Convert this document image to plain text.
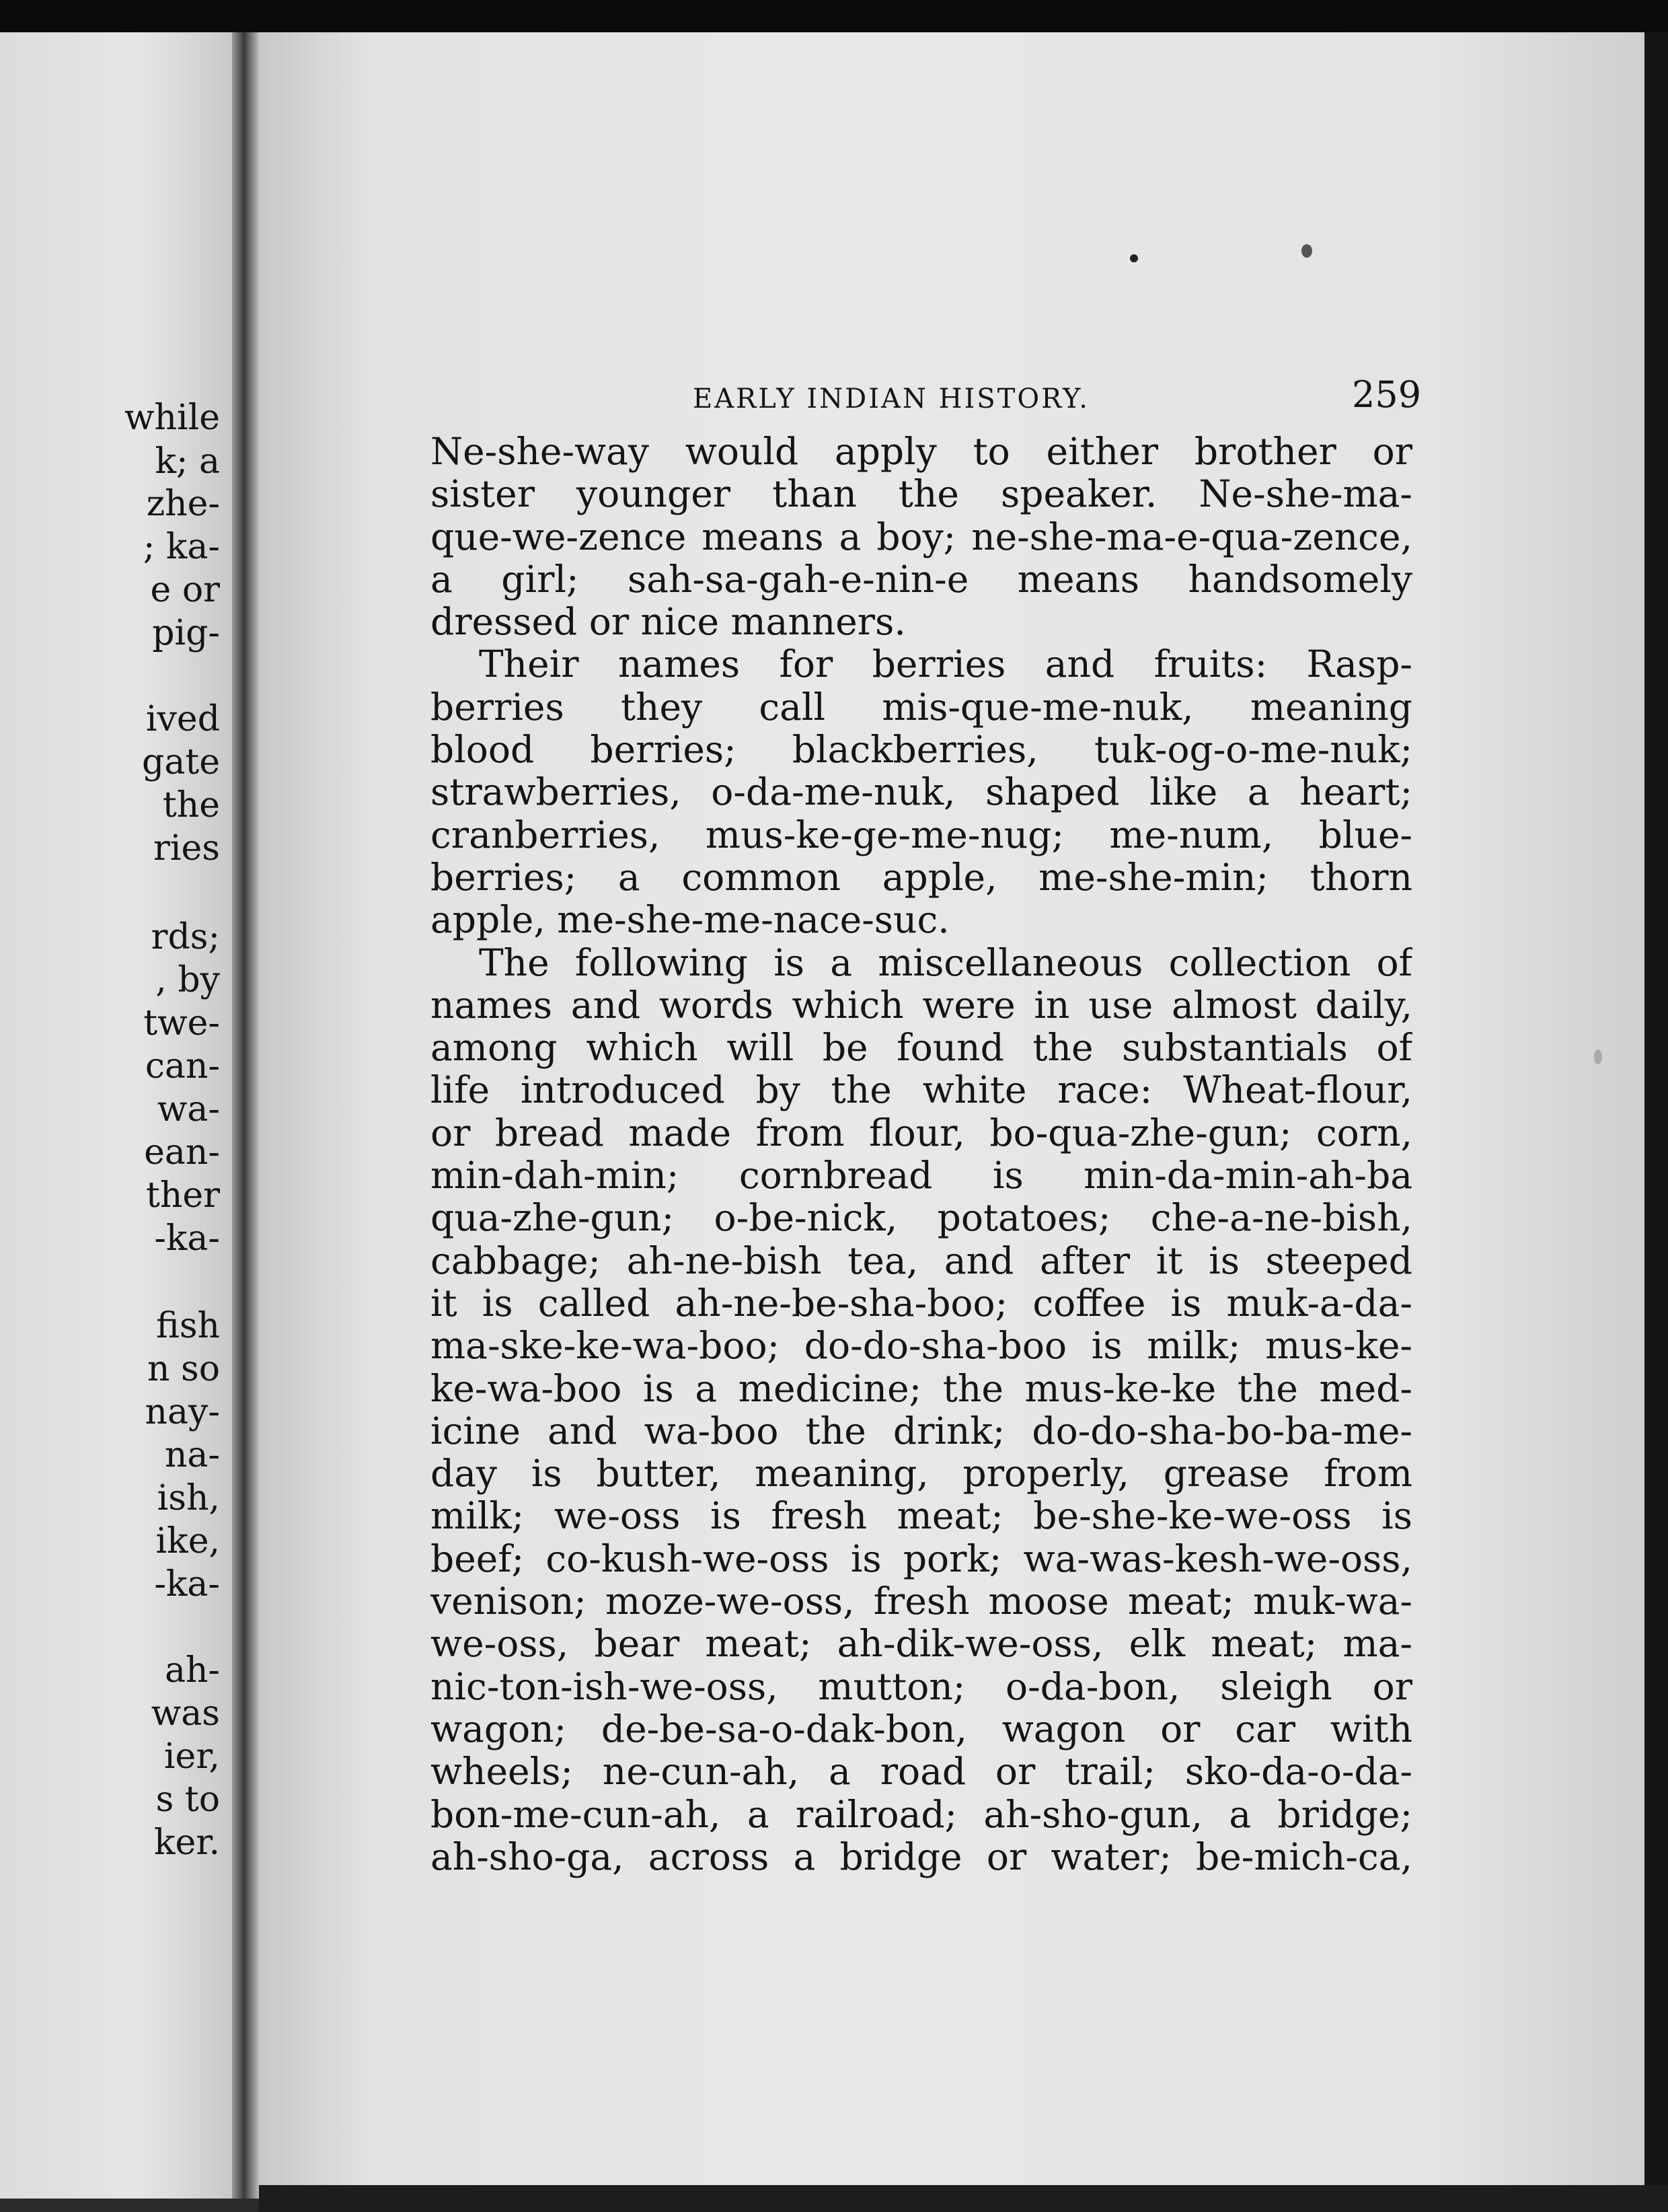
while
k; a
zhe-
; ka-
e or
pig-
ived
gate
the
ries
rds;
, by
twe-
can-
wa-
ean-
ther
-ka-
fish
n so
nay-
na-
ish,
ike,
-ka-
ah-
was
ier,
s to
ker.
EARLY INDIAN HISTORY.	259
Ne-she-way would apply to either brother or
sister younger than the speaker. Ne-she-ma-
que-we-zence means a boy; ne-she-ma-e-qua-zence,
a girl; sah-sa-gah-e-nin-e means handsomely
dressed or nice manners.
Their names for berries and fruits: Rasp-
berries they call mis-que-me-nuk, meaning
blood berries; blackberries, tuk-og-o-me-nuk;
strawberries, o-da-me-nuk, shaped like a heart;
cranberries, mus-ke-ge-me-nug; me-num, blue-
berries; a common apple, me-she-min; thorn
apple, me-she-me-nace-suc.
The following is a miscellaneous collection of
names and words which were in use almost daily,
among which will be found the substantials of
life introduced by the white race: Wheat-flour,
or bread made from flour, bo-qua-zhe-gun; corn,
min-dah-min; cornbread is min-da-min-ah-ba
qua-zhe-gun; o-be-nick, potatoes; che-a-ne-bish,
cabbage; ah-ne-bish tea, and after it is steeped
it is called ah-ne-be-sha-boo; coffee is muk-a-da-
ma-ske-ke-wa-boo; do-do-sha-boo is milk; mus-ke-
ke-wa-boo is a medicine; the mus-ke-ke the med-
icine and wa-boo the drink; do-do-sha-bo-ba-me-
day is butter, meaning, properly, grease from
milk; we-oss is fresh meat; be-she-ke-we-oss is
beef; co-kush-we-oss is pork; wa-was-kesh-we-oss,
venison; moze-we-oss, fresh moose meat; muk-wa-
we-oss, bear meat; ah-dik-we-oss, elk meat; ma-
nic-ton-ish-we-oss, mutton; o-da-bon, sleigh or
wagon; de-be-sa-o-dak-bon, wagon or car with
wheels; ne-cun-ah, a road or trail; sko-da-o-da-
bon-me-cun-ah, a railroad; ah-sho-gun, a bridge;
ah-sho-ga, across a bridge or water; be-mich-ca,
